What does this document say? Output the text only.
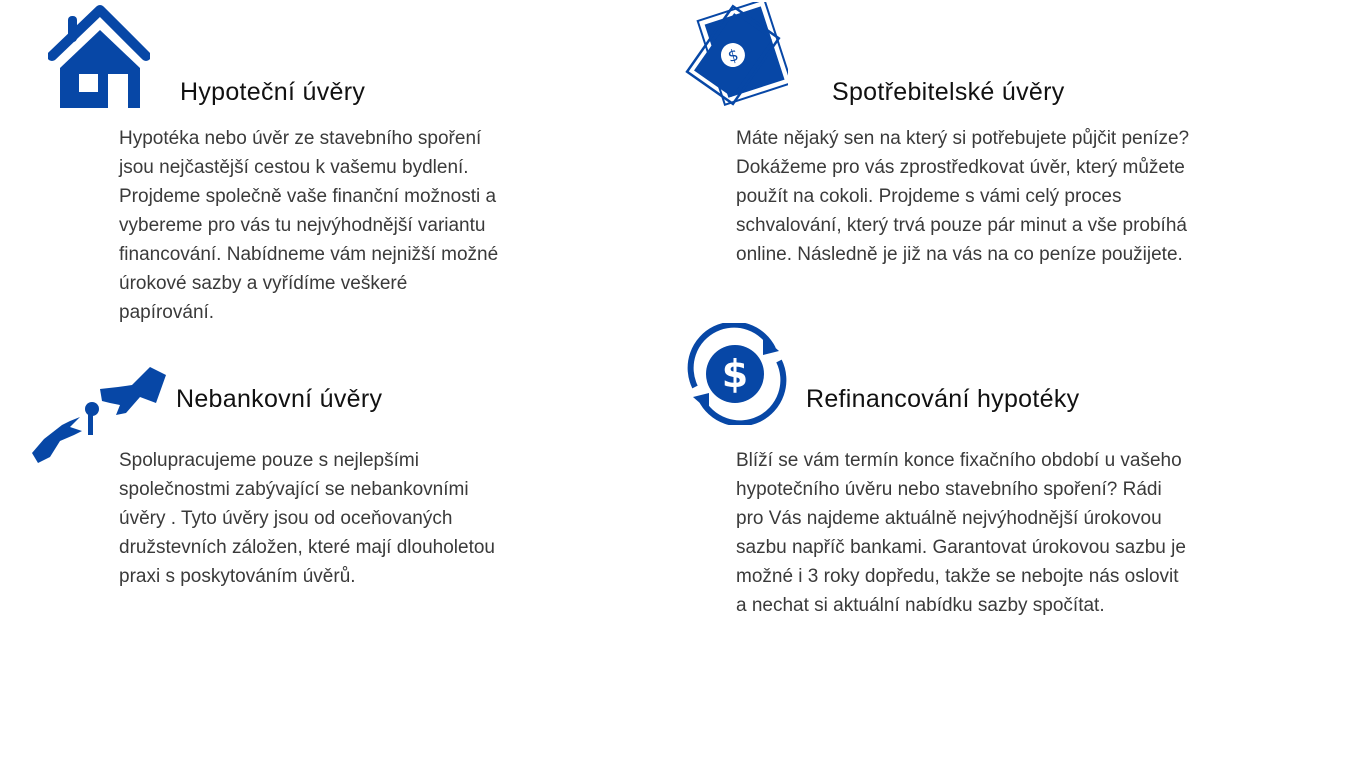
Hypoteční úvěry
Hypotéka nebo úvěr ze stavebního spoření
jsou nejčastější cestou k vašemu bydlení.
Projdeme společně vaše finanční možnosti a
vybereme pro vás tu nejvýhodnější variantu
financování. Nabídneme vám nejnižší možné
úrokové sazby a vyřídíme veškeré
papírování.
$
Spotřebitelské úvěry
Máte nějaký sen na který si potřebujete půjčit peníze?
Dokážeme pro vás zprostředkovat úvěr, který můžete
použít na cokoli. Projdeme s vámi celý proces
schvalování, který trvá pouze pár minut a vše probíhá
online. Následně je již na vás na co peníze použijete.
Nebankovní úvěry
Spolupracujeme pouze s nejlepšími
společnostmi zabývající se nebankovními
úvěry . Tyto úvěry jsou od oceňovaných
družstevních záložen, které mají dlouholetou
praxi s poskytováním úvěrů.
$
Refinancování hypotéky
Blíží se vám termín konce fixačního období u vašeho
hypotečního úvěru nebo stavebního spoření? Rádi
pro Vás najdeme aktuálně nejvýhodnější úrokovou
sazbu napříč bankami. Garantovat úrokovou sazbu je
možné i 3 roky dopředu, takže se nebojte nás oslovit
a nechat si aktuální nabídku sazby spočítat.
